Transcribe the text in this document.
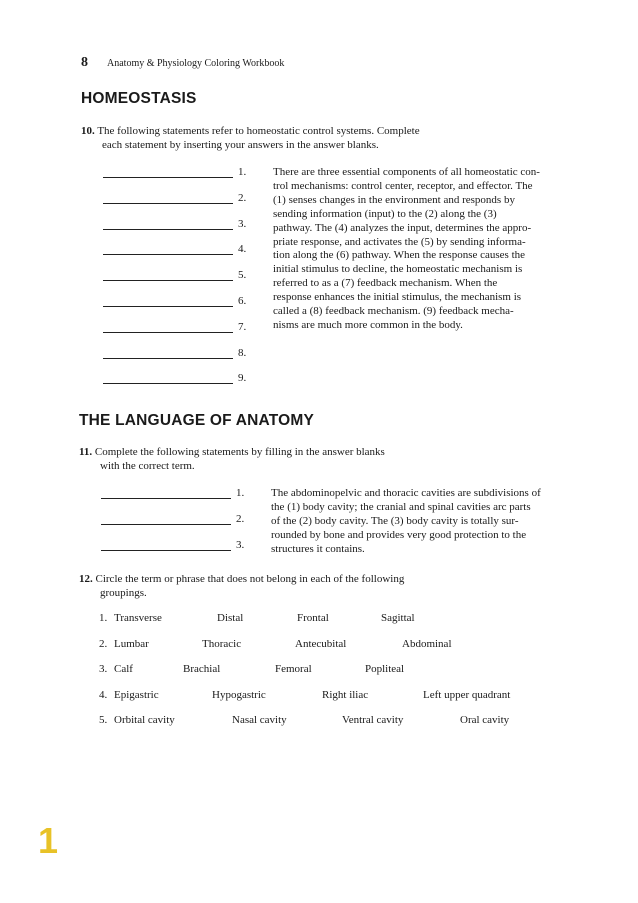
8 Anatomy & Physiology Coloring Workbook
HOMEOSTASIS
10. The following statements refer to homeostatic control systems. Complete
each statement by inserting your answers in the answer blanks.
1.
2.
3.
4.
5.
6.
7.
8.
9.
There are three essential components of all homeostatic con-
trol mechanisms: control center, receptor, and effector. The
(1) senses changes in the environment and responds by
sending information (input) to the (2) along the (3)
pathway. The (4) analyzes the input, determines the appro-
priate response, and activates the (5) by sending informa-
tion along the (6) pathway. When the response causes the
initial stimulus to decline, the homeostatic mechanism is
referred to as a (7) feedback mechanism. When the
response enhances the initial stimulus, the mechanism is
called a (8) feedback mechanism. (9) feedback mecha-
nisms are much more common in the body.
THE LANGUAGE OF ANATOMY
11. Complete the following statements by filling in the answer blanks
with the correct term.
1.
2.
3.
The abdominopelvic and thoracic cavities are subdivisions of
the (1) body cavity; the cranial and spinal cavities arc parts
of the (2) body cavity. The (3) body cavity is totally sur-
rounded by bone and provides very good protection to the
structures it contains.
12. Circle the term or phrase that does not belong in each of the following
groupings.
1. Transverse	Distal	Frontal	Sagittal
2. Lumbar	Thoracic	Antecubital	Abdominal
3. Calf	Brachial	Femoral	Popliteal
4. Epigastric	Hypogastric	Right iliac	Left upper quadrant
5. Orbital cavity	Nasal cavity	Ventral cavity	Oral cavity
1
